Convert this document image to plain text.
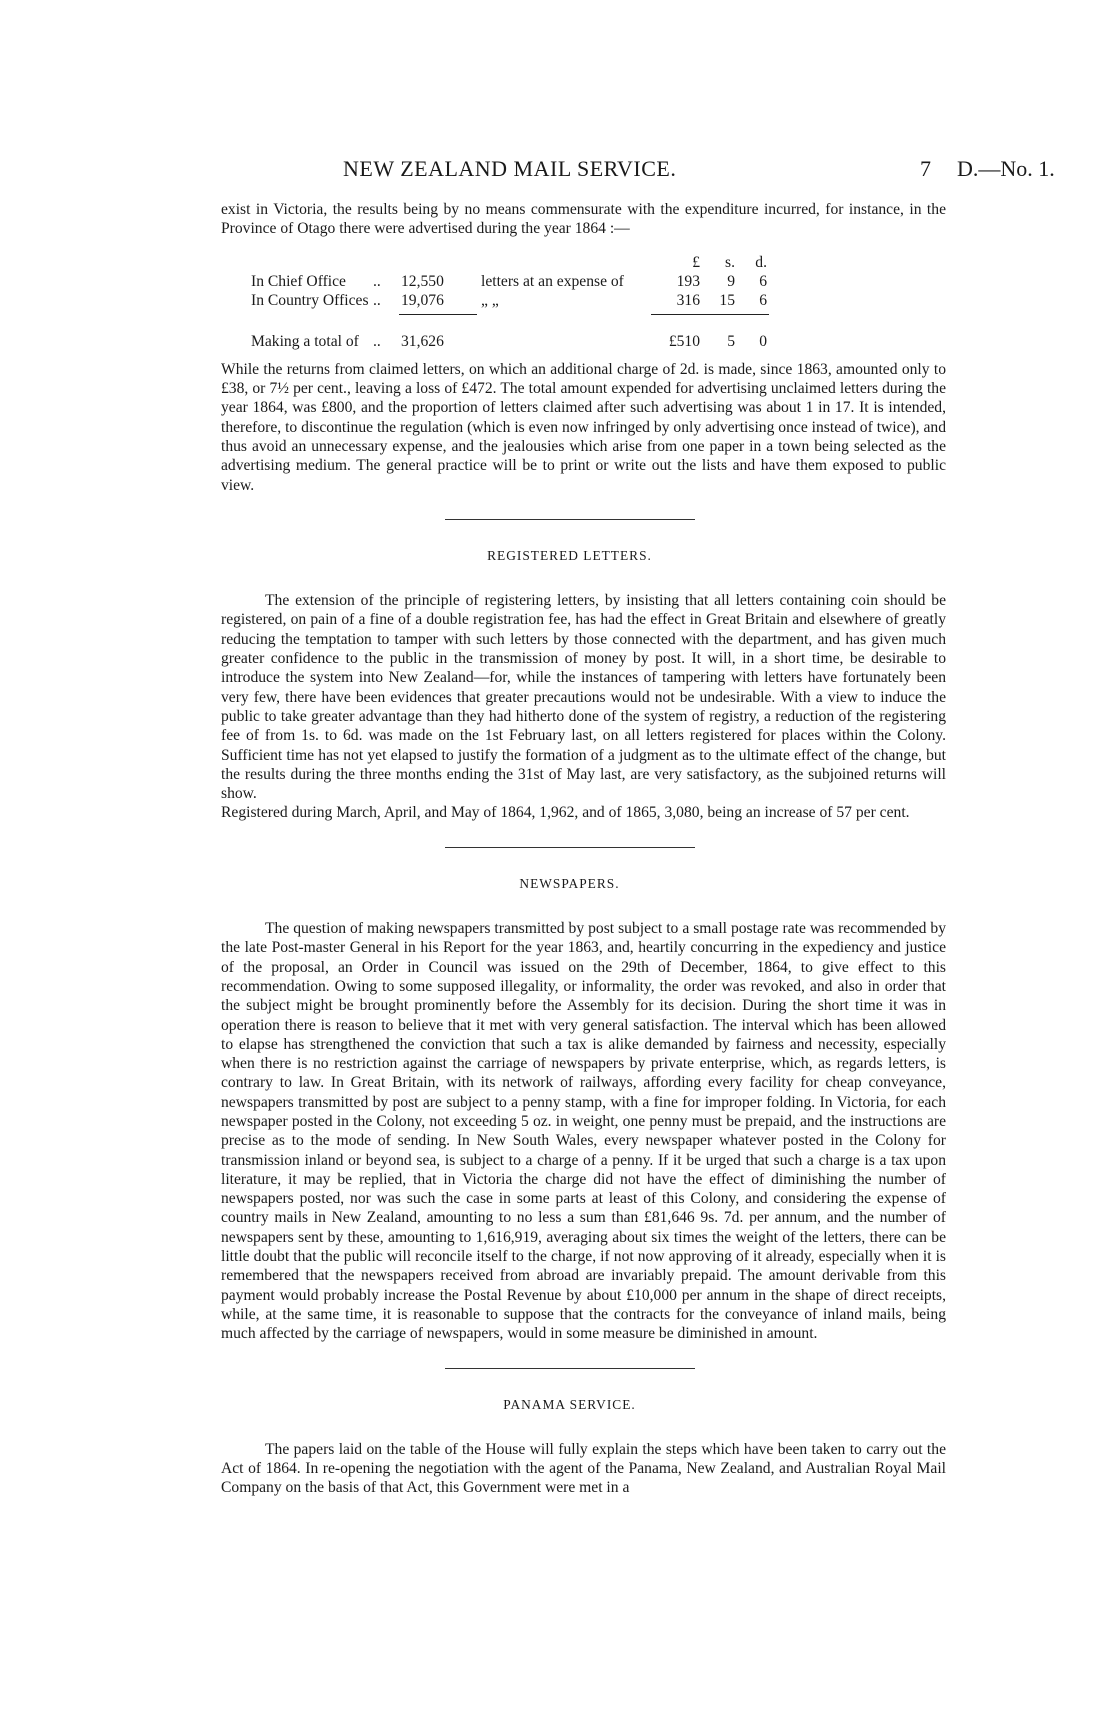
NEW ZEALAND MAIL SERVICE.	7 D.—No. 1.

exist in Victoria, the results being by no means commensurate with the expenditure incurred, for instance, in the Province of Otago there were advertised during the year 1864 :—

£	s.	d.
In Chief Office .. 12,550	letters at an expense of	193	9	6
In Country Offices .. 19,076	„ „	316	15	6
Making a total of .. 31,626	£510	5	0

While the returns from claimed letters, on which an additional charge of 2d. is made, since 1863, amounted only to £38, or 7½ per cent., leaving a loss of £472. The total amount expended for advertising unclaimed letters during the year 1864, was £800, and the proportion of letters claimed after such advertising was about 1 in 17. It is intended, therefore, to discontinue the regulation (which is even now infringed by only advertising once instead of twice), and thus avoid an unnecessary expense, and the jealousies which arise from one paper in a town being selected as the advertising medium. The general practice will be to print or write out the lists and have them exposed to public view.

REGISTERED LETTERS.

The extension of the principle of registering letters, by insisting that all letters containing coin should be registered, on pain of a fine of a double registration fee, has had the effect in Great Britain and elsewhere of greatly reducing the temptation to tamper with such letters by those connected with the department, and has given much greater confidence to the public in the transmission of money by post. It will, in a short time, be desirable to introduce the system into New Zealand—for, while the instances of tampering with letters have fortunately been very few, there have been evidences that greater precautions would not be undesirable. With a view to induce the public to take greater advantage than they had hitherto done of the system of registry, a reduction of the registering fee of from 1s. to 6d. was made on the 1st February last, on all letters registered for places within the Colony. Sufficient time has not yet elapsed to justify the formation of a judgment as to the ultimate effect of the change, but the results during the three months ending the 31st of May last, are very satisfactory, as the subjoined returns will show.

Registered during March, April, and May of 1864, 1,962, and of 1865, 3,080, being an increase of 57 per cent.

NEWSPAPERS.

The question of making newspapers transmitted by post subject to a small postage rate was recommended by the late Post-master General in his Report for the year 1863, and, heartily concurring in the expediency and justice of the proposal, an Order in Council was issued on the 29th of December, 1864, to give effect to this recommendation. Owing to some supposed illegality, or informality, the order was revoked, and also in order that the subject might be brought prominently before the Assembly for its decision. During the short time it was in operation there is reason to believe that it met with very general satisfaction. The interval which has been allowed to elapse has strengthened the conviction that such a tax is alike demanded by fairness and necessity, especially when there is no restriction against the carriage of newspapers by private enterprise, which, as regards letters, is contrary to law. In Great Britain, with its network of railways, affording every facility for cheap conveyance, newspapers transmitted by post are subject to a penny stamp, with a fine for improper folding. In Victoria, for each newspaper posted in the Colony, not exceeding 5 oz. in weight, one penny must be prepaid, and the instructions are precise as to the mode of sending. In New South Wales, every newspaper whatever posted in the Colony for transmission inland or beyond sea, is subject to a charge of a penny. If it be urged that such a charge is a tax upon literature, it may be replied, that in Victoria the charge did not have the effect of diminishing the number of newspapers posted, nor was such the case in some parts at least of this Colony, and considering the expense of country mails in New Zealand, amounting to no less a sum than £81,646 9s. 7d. per annum, and the number of newspapers sent by these, amounting to 1,616,919, averaging about six times the weight of the letters, there can be little doubt that the public will reconcile itself to the charge, if not now approving of it already, especially when it is remembered that the newspapers received from abroad are invariably prepaid. The amount derivable from this payment would probably increase the Postal Revenue by about £10,000 per annum in the shape of direct receipts, while, at the same time, it is reasonable to suppose that the contracts for the conveyance of inland mails, being much affected by the carriage of newspapers, would in some measure be diminished in amount.

PANAMA SERVICE.

The papers laid on the table of the House will fully explain the steps which have been taken to carry out the Act of 1864. In re-opening the negotiation with the agent of the Panama, New Zealand, and Australian Royal Mail Company on the basis of that Act, this Government were met in a
